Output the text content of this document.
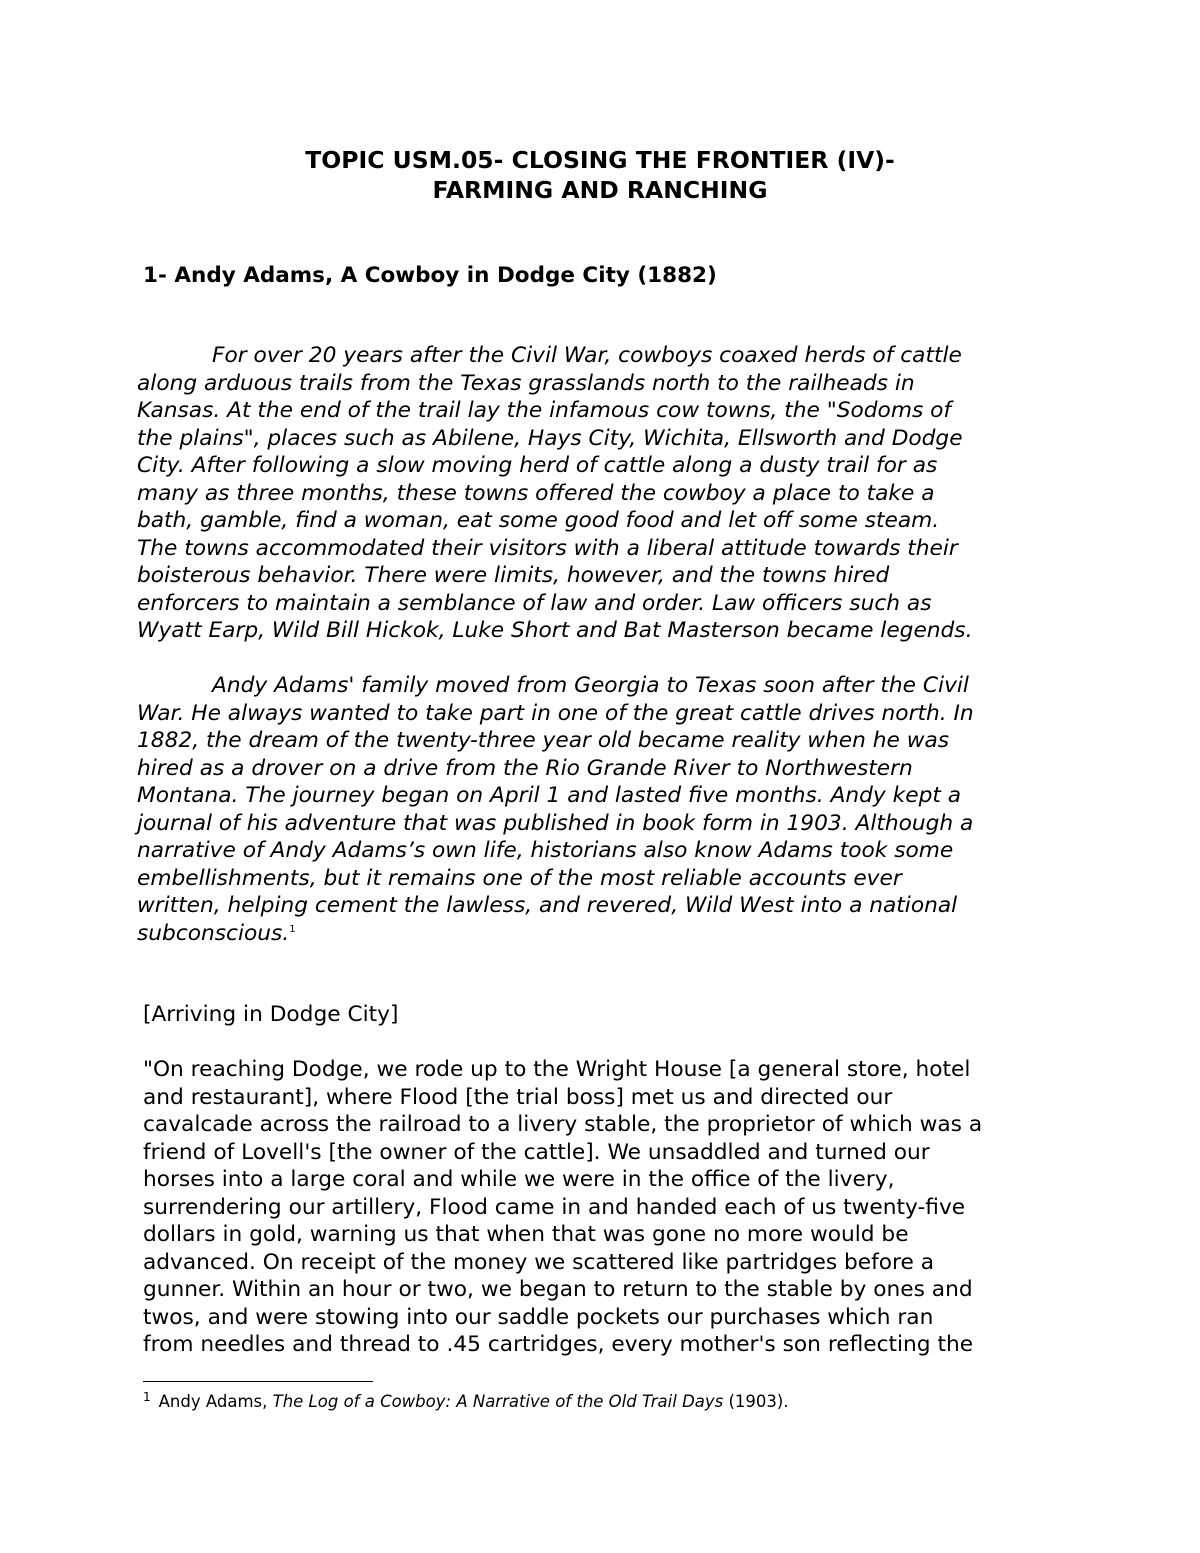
TOPIC USM.05- CLOSING THE FRONTIER (IV)-
FARMING AND RANCHING
1- Andy Adams, A Cowboy in Dodge City (1882)
For over 20 years after the Civil War, cowboys coaxed herds of cattle
along arduous trails from the Texas grasslands north to the railheads in
Kansas. At the end of the trail lay the infamous cow towns, the "Sodoms of
the plains", places such as Abilene, Hays City, Wichita, Ellsworth and Dodge
City. After following a slow moving herd of cattle along a dusty trail for as
many as three months, these towns offered the cowboy a place to take a
bath, gamble, find a woman, eat some good food and let off some steam.
The towns accommodated their visitors with a liberal attitude towards their
boisterous behavior. There were limits, however, and the towns hired
enforcers to maintain a semblance of law and order. Law officers such as
Wyatt Earp, Wild Bill Hickok, Luke Short and Bat Masterson became legends.
Andy Adams' family moved from Georgia to Texas soon after the Civil
War. He always wanted to take part in one of the great cattle drives north. In
1882, the dream of the twenty-three year old became reality when he was
hired as a drover on a drive from the Rio Grande River to Northwestern
Montana. The journey began on April 1 and lasted five months. Andy kept a
journal of his adventure that was published in book form in 1903. Although a
narrative of Andy Adams’s own life, historians also know Adams took some
embellishments, but it remains one of the most reliable accounts ever
written, helping cement the lawless, and revered, Wild West into a national
subconscious.$^1$
[Arriving in Dodge City]
"On reaching Dodge, we rode up to the Wright House [a general store, hotel
and restaurant], where Flood [the trial boss] met us and directed our
cavalcade across the railroad to a livery stable, the proprietor of which was a
friend of Lovell's [the owner of the cattle]. We unsaddled and turned our
horses into a large coral and while we were in the office of the livery,
surrendering our artillery, Flood came in and handed each of us twenty-five
dollars in gold, warning us that when that was gone no more would be
advanced. On receipt of the money we scattered like partridges before a
gunner. Within an hour or two, we began to return to the stable by ones and
twos, and were stowing into our saddle pockets our purchases which ran
from needles and thread to .45 cartridges, every mother's son reflecting the
$^1$ Andy Adams, The Log of a Cowboy: A Narrative of the Old Trail Days (1903).
